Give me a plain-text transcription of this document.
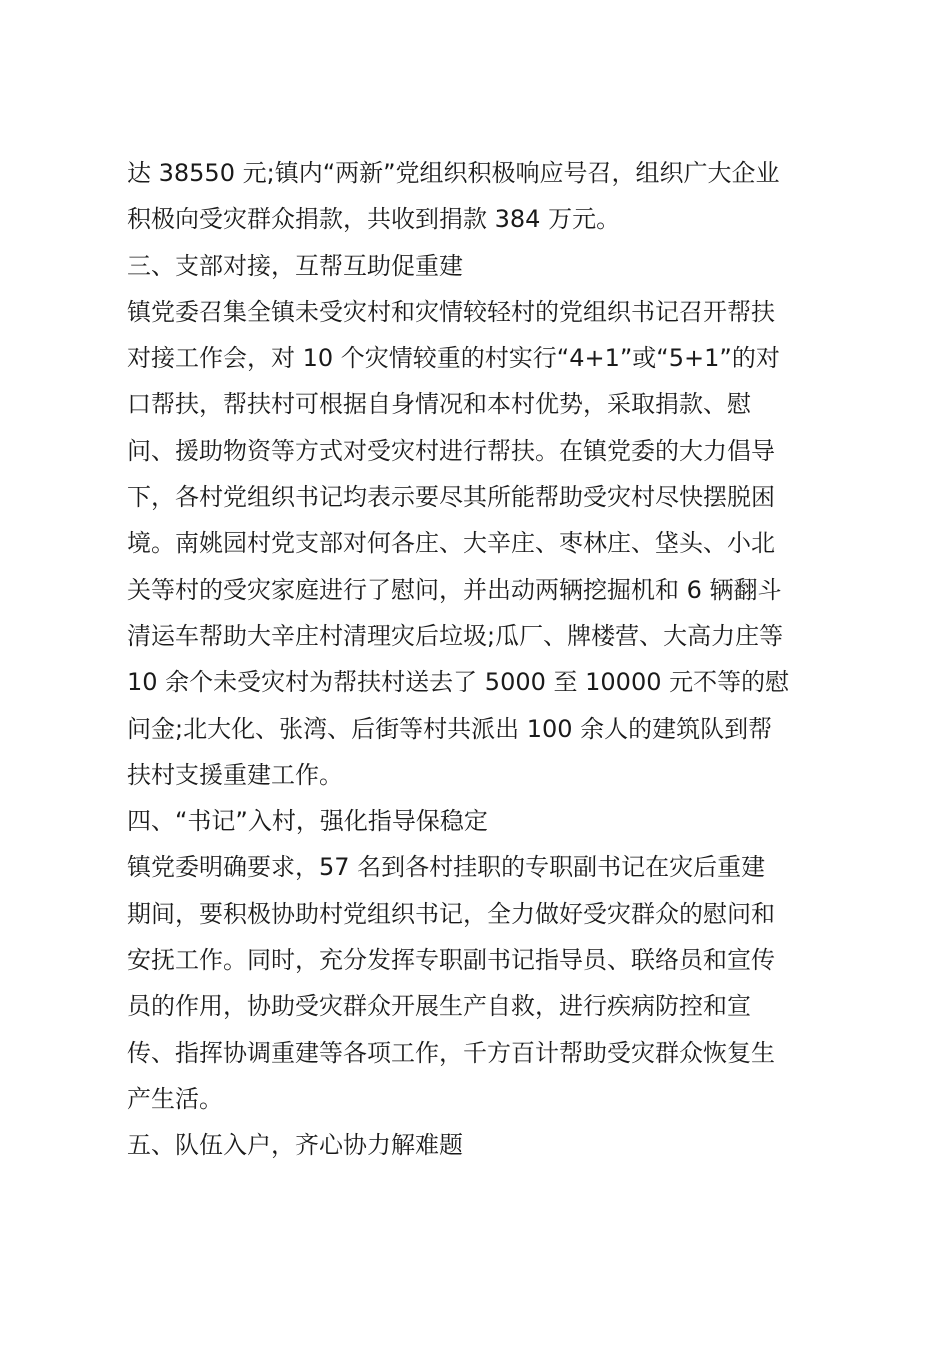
达 38550 元;镇内“两新”党组织积极响应号召，组织广大企业
积极向受灾群众捐款，共收到捐款 384 万元。
三、支部对接，互帮互助促重建
镇党委召集全镇未受灾村和灾情较轻村的党组织书记召开帮扶
对接工作会，对 10 个灾情较重的村实行“4+1”或“5+1”的对
口帮扶，帮扶村可根据自身情况和本村优势，采取捐款、慰
问、援助物资等方式对受灾村进行帮扶。在镇党委的大力倡导
下，各村党组织书记均表示要尽其所能帮助受灾村尽快摆脱困
境。南姚园村党支部对何各庄、大辛庄、枣林庄、垡头、小北
关等村的受灾家庭进行了慰问，并出动两辆挖掘机和 6 辆翻斗
清运车帮助大辛庄村清理灾后垃圾;瓜厂、牌楼营、大高力庄等
10 余个未受灾村为帮扶村送去了 5000 至 10000 元不等的慰
问金;北大化、张湾、后街等村共派出 100 余人的建筑队到帮
扶村支援重建工作。
四、“书记”入村，强化指导保稳定
镇党委明确要求，57 名到各村挂职的专职副书记在灾后重建
期间，要积极协助村党组织书记，全力做好受灾群众的慰问和
安抚工作。同时，充分发挥专职副书记指导员、联络员和宣传
员的作用，协助受灾群众开展生产自救，进行疾病防控和宣
传、指挥协调重建等各项工作，千方百计帮助受灾群众恢复生
产生活。
五、队伍入户，齐心协力解难题
